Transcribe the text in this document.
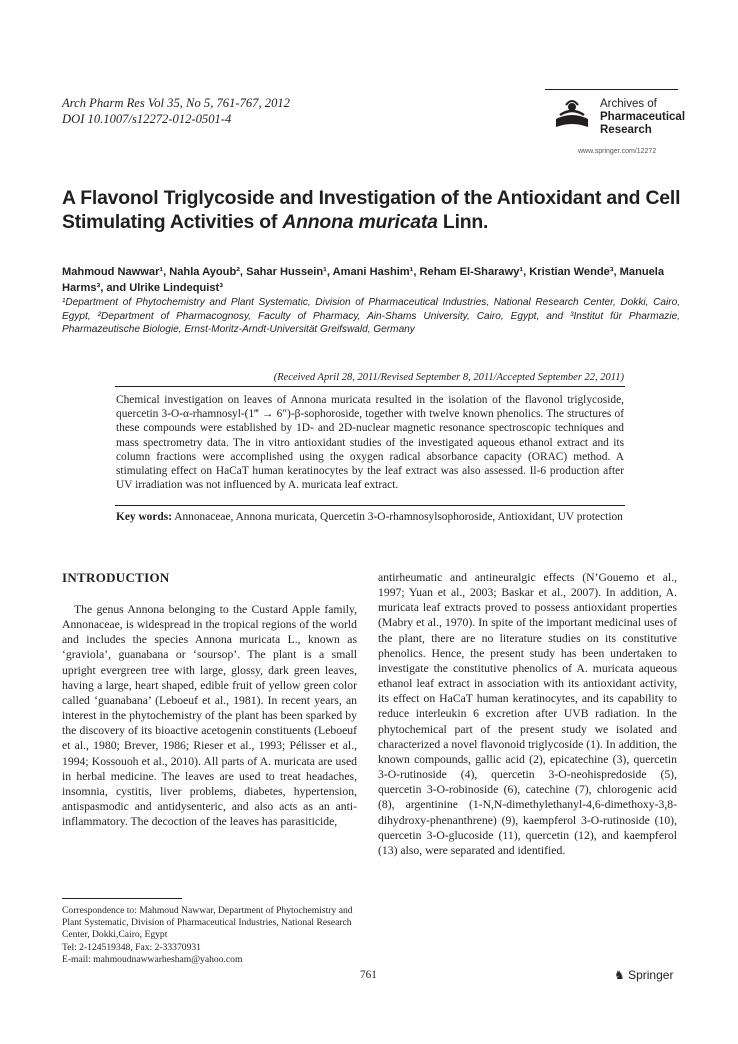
Arch Pharm Res Vol 35, No 5, 761-767, 2012
DOI 10.1007/s12272-012-0501-4
Archives of
Pharmaceutical
Research
www.springer.com/12272
A Flavonol Triglycoside and Investigation of the Antioxidant and Cell Stimulating Activities of Annona muricata Linn.
Mahmoud Nawwar¹, Nahla Ayoub², Sahar Hussein¹, Amani Hashim¹, Reham El-Sharawy¹, Kristian Wende³, Manuela Harms³, and Ulrike Lindequist³
¹Department of Phytochemistry and Plant Systematic, Division of Pharmaceutical Industries, National Research Center, Dokki, Cairo, Egypt, ²Department of Pharmacognosy, Faculty of Pharmacy, Ain-Shams University, Cairo, Egypt, and ³Institut für Pharmazie, Pharmazeutische Biologie, Ernst-Moritz-Arndt-Universität Greifswald, Germany
(Received April 28, 2011/Revised September 8, 2011/Accepted September 22, 2011)
Chemical investigation on leaves of Annona muricata resulted in the isolation of the flavonol triglycoside, quercetin 3-O-α-rhamnosyl-(1‴ → 6″)-β-sophoroside, together with twelve known phenolics. The structures of these compounds were established by 1D- and 2D-nuclear magnetic resonance spectroscopic techniques and mass spectrometry data. The in vitro antioxidant studies of the investigated aqueous ethanol extract and its column fractions were accomplished using the oxygen radical absorbance capacity (ORAC) method. A stimulating effect on HaCaT human keratinocytes by the leaf extract was also assessed. Il-6 production after UV irradiation was not influenced by A. muricata leaf extract.
Key words: Annonaceae, Annona muricata, Quercetin 3-O-rhamnosylsophoroside, Antioxidant, UV protection
INTRODUCTION

The genus Annona belonging to the Custard Apple family, Annonaceae, is widespread in the tropical regions of the world and includes the species Annona muricata L., known as ‘graviola’, guanabana or ‘soursop’. The plant is a small upright evergreen tree with large, glossy, dark green leaves, having a large, heart shaped, edible fruit of yellow green color called ‘guanabana’ (Leboeuf et al., 1981). In recent years, an interest in the phytochemistry of the plant has been sparked by the discovery of its bioactive acetogenin constituents (Leboeuf et al., 1980; Brever, 1986; Rieser et al., 1993; Pélisser et al., 1994; Kossouoh et al., 2010). All parts of A. muricata are used in herbal medicine. The leaves are used to treat headaches, insomnia, cystitis, liver problems, diabetes, hypertension, antispasmodic and antidysenteric, and also acts as an anti-inflammatory. The decoction of the leaves has parasiticide,

antirheumatic and antineuralgic effects (N’Gouemo et al., 1997; Yuan et al., 2003; Baskar et al., 2007). In addition, A. muricata leaf extracts proved to possess antioxidant properties (Mabry et al., 1970). In spite of the important medicinal uses of the plant, there are no literature studies on its constitutive phenolics. Hence, the present study has been undertaken to investigate the constitutive phenolics of A. muricata aqueous ethanol leaf extract in association with its antioxidant activity, its effect on HaCaT human keratinocytes, and its capability to reduce interleukin 6 excretion after UVB radiation. In the phytochemical part of the present study we isolated and characterized a novel flavonoid triglycoside (1). In addition, the known compounds, gallic acid (2), epicatechine (3), quercetin 3-O-rutinoside (4), quercetin 3-O-neohispredoside (5), quercetin 3-O-robinoside (6), catechine (7), chlorogenic acid (8), argentinine (1-N,N-dimethylethanyl-4,6-dimethoxy-3,8-dihydroxy-phenanthrene) (9), kaempferol 3-O-rutinoside (10), quercetin 3-O-glucoside (11), quercetin (12), and kaempferol (13) also, were separated and identified.

Correspondence to: Mahmoud Nawwar, Department of Phytochemistry and Plant Systematic, Division of Pharmaceutical Industries, National Research Center, Dokki,Cairo, Egypt
Tel: 2-124519348, Fax: 2-33370931
E-mail: mahmoudnawwarhesham@yahoo.com
761	♞ Springer
